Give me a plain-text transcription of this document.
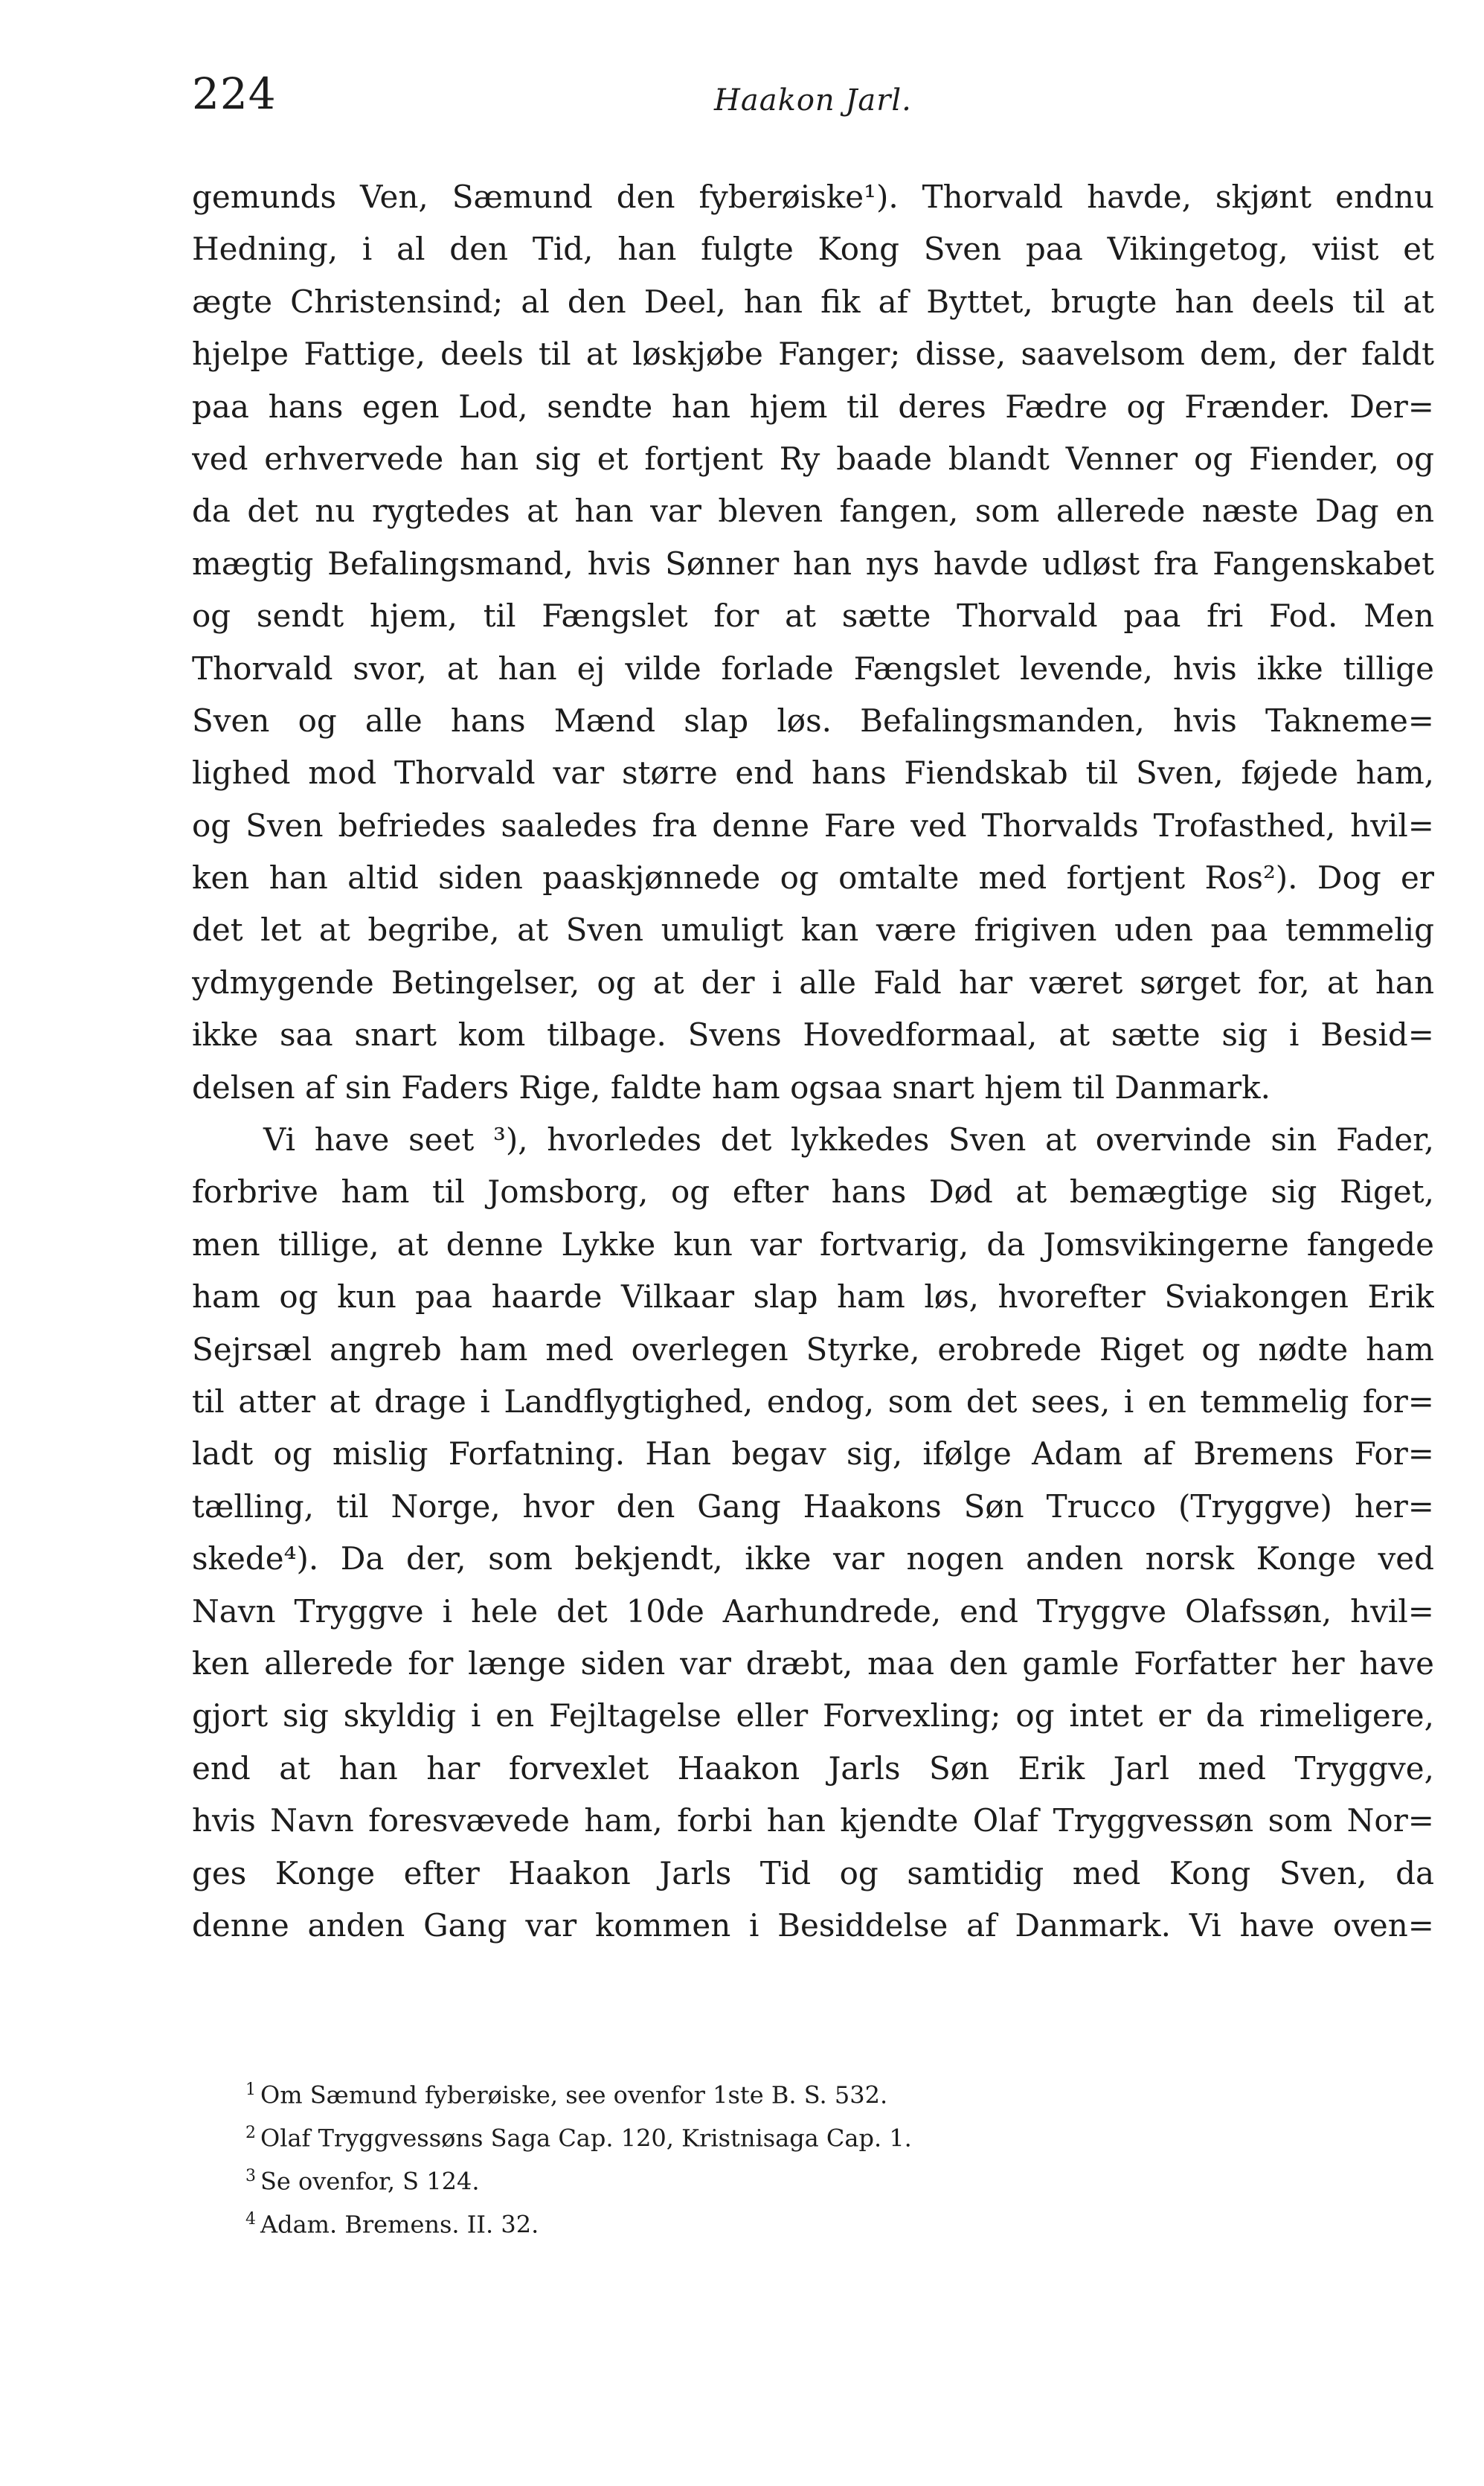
224	Haakon Jarl.
gemunds Ven, Sæmund den fyberøiske¹). Thorvald havde, skjønt endnu
Hedning, i al den Tid, han fulgte Kong Sven paa Vikingetog, viist et
ægte Christensind; al den Deel, han fik af Byttet, brugte han deels til at
hjelpe Fattige, deels til at løskjøbe Fanger; disse, saavelsom dem, der faldt
paa hans egen Lod, sendte han hjem til deres Fædre og Frænder. Der=
ved erhvervede han sig et fortjent Ry baade blandt Venner og Fiender, og
da det nu rygtedes at han var bleven fangen, som allerede næste Dag en
mægtig Befalingsmand, hvis Sønner han nys havde udløst fra Fangenskabet
og sendt hjem, til Fængslet for at sætte Thorvald paa fri Fod. Men
Thorvald svor, at han ej vilde forlade Fængslet levende, hvis ikke tillige
Sven og alle hans Mænd slap løs. Befalingsmanden, hvis Takneme=
lighed mod Thorvald var større end hans Fiendskab til Sven, føjede ham,
og Sven befriedes saaledes fra denne Fare ved Thorvalds Trofasthed, hvil=
ken han altid siden paaskjønnede og omtalte med fortjent Ros²). Dog er
det let at begribe, at Sven umuligt kan være frigiven uden paa temmelig
ydmygende Betingelser, og at der i alle Fald har været sørget for, at han
ikke saa snart kom tilbage. Svens Hovedformaal, at sætte sig i Besid=
delsen af sin Faders Rige, faldte ham ogsaa snart hjem til Danmark.
Vi have seet ³), hvorledes det lykkedes Sven at overvinde sin Fader,
forbrive ham til Jomsborg, og efter hans Død at bemægtige sig Riget,
men tillige, at denne Lykke kun var fortvarig, da Jomsvikingerne fangede
ham og kun paa haarde Vilkaar slap ham løs, hvorefter Sviakongen Erik
Sejrsæl angreb ham med overlegen Styrke, erobrede Riget og nødte ham
til atter at drage i Landflygtighed, endog, som det sees, i en temmelig for=
ladt og mislig Forfatning. Han begav sig, ifølge Adam af Bremens For=
tælling, til Norge, hvor den Gang Haakons Søn Trucco (Tryggve) her=
skede⁴). Da der, som bekjendt, ikke var nogen anden norsk Konge ved
Navn Tryggve i hele det 10de Aarhundrede, end Tryggve Olafssøn, hvil=
ken allerede for længe siden var dræbt, maa den gamle Forfatter her have
gjort sig skyldig i en Fejltagelse eller Forvexling; og intet er da rimeligere,
end at han har forvexlet Haakon Jarls Søn Erik Jarl med Tryggve,
hvis Navn foresvævede ham, forbi han kjendte Olaf Tryggvessøn som Nor=
ges Konge efter Haakon Jarls Tid og samtidig med Kong Sven, da
denne anden Gang var kommen i Besiddelse af Danmark. Vi have oven=
$^1$ Om Sæmund fyberøiske, see ovenfor 1ste B. S. 532.
$^2$ Olaf Tryggvessøns Saga Cap. 120, Kristnisaga Cap. 1.
$^3$ Se ovenfor, S 124.
$^4$ Adam. Bremens. II. 32.
